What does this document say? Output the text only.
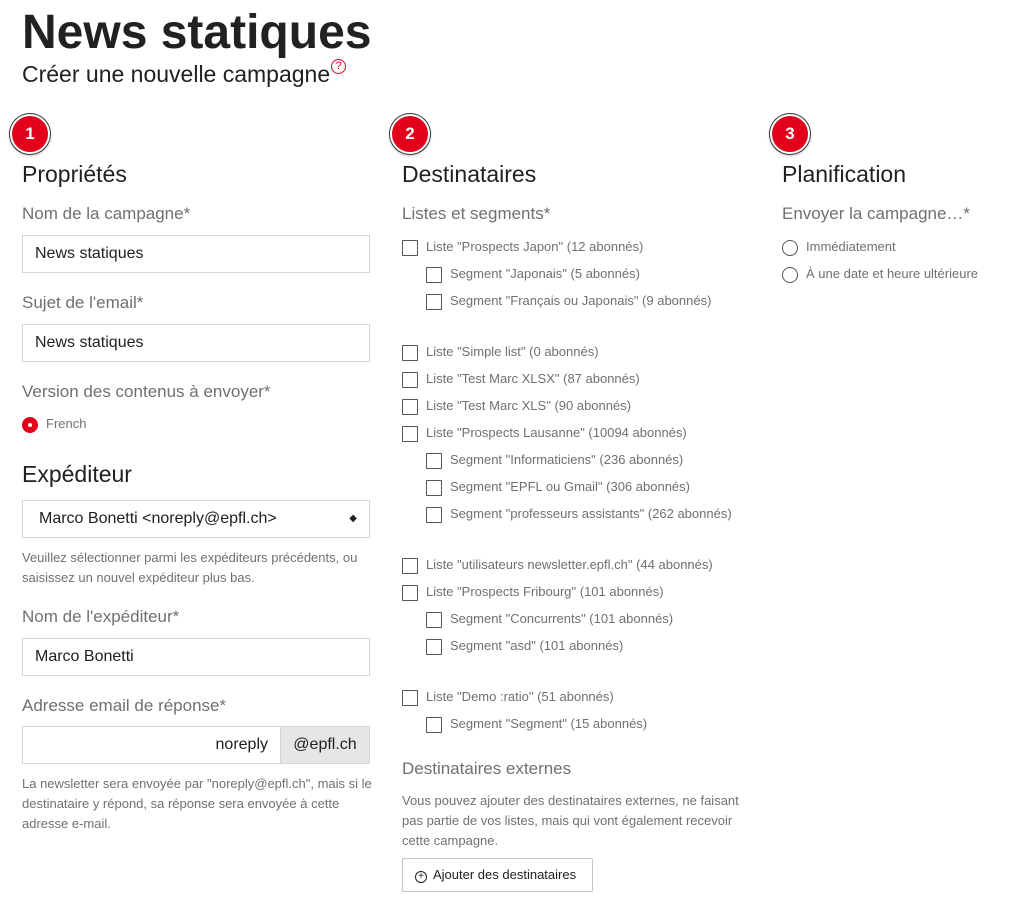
News statiques
Créer une nouvelle campagne ?
1
Propriétés
Nom de la campagne*
News statiques
Sujet de l'email*
News statiques
Version des contenus à envoyer*
French
Expéditeur
Marco Bonetti <noreply@epfl.ch>	◆
Veuillez sélectionner parmi les expéditeurs précédents, ou saisissez un nouvel expéditeur plus bas.
Nom de l'expéditeur*
Marco Bonetti
Adresse email de réponse*
noreply	@epfl.ch
La newsletter sera envoyée par "noreply@epfl.ch", mais si le destinataire y répond, sa réponse sera envoyée à cette adresse e-mail.
2
Destinataires
Listes et segments*
Liste "Prospects Japon" (12 abonnés)
Segment "Japonais" (5 abonnés)
Segment "Français ou Japonais" (9 abonnés)
Liste "Simple list" (0 abonnés)
Liste "Test Marc XLSX" (87 abonnés)
Liste "Test Marc XLS" (90 abonnés)
Liste "Prospects Lausanne" (10094 abonnés)
Segment "Informaticiens" (236 abonnés)
Segment "EPFL ou Gmail" (306 abonnés)
Segment "professeurs assistants" (262 abonnés)
Liste "utilisateurs newsletter.epfl.ch" (44 abonnés)
Liste "Prospects Fribourg" (101 abonnés)
Segment "Concurrents" (101 abonnés)
Segment "asd" (101 abonnés)
Liste "Demo :ratio" (51 abonnés)
Segment "Segment" (15 abonnés)
Destinataires externes
Vous pouvez ajouter des destinataires externes, ne faisant pas partie de vos listes, mais qui vont également recevoir cette campagne.
+ Ajouter des destinataires
3
Planification
Envoyer la campagne…*
Immédiatement
À une date et heure ultérieure
